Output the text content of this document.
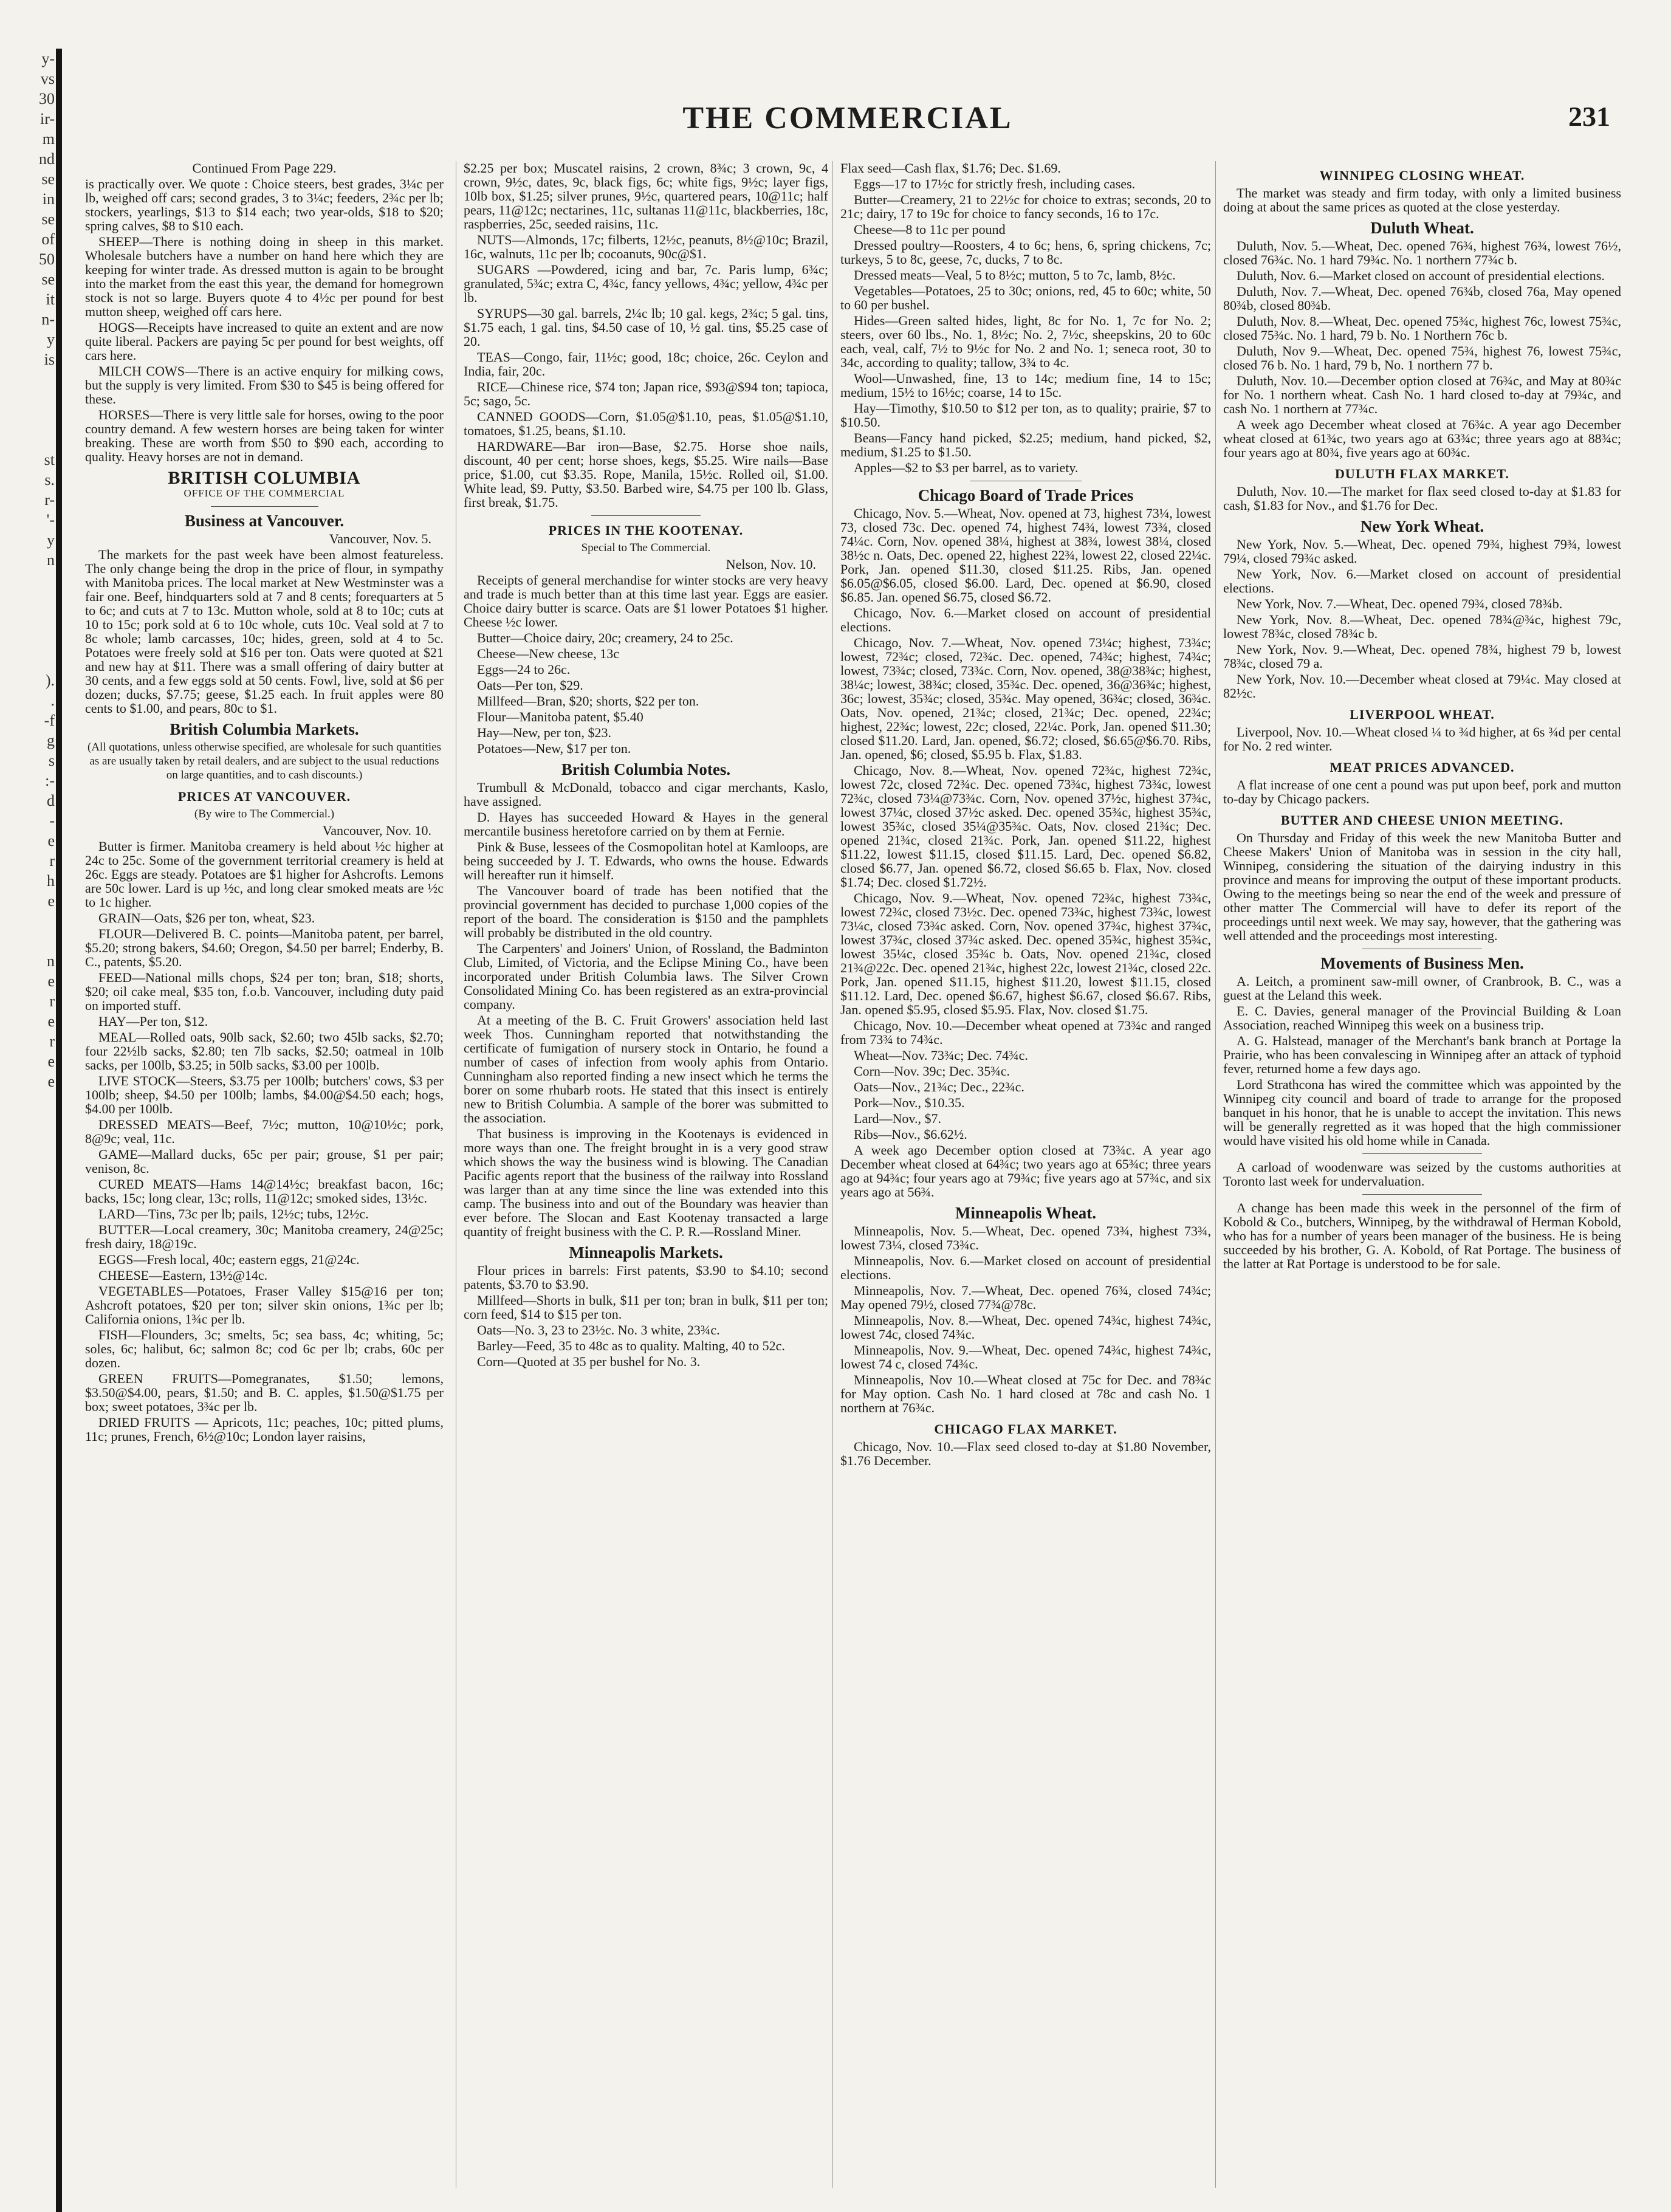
y-
vs
30
ir-
m
nd
se
in
se
of
50
se
it
n-
y
is

st
s.
r-
'-
y
n

).
.
-f
g
s
:-
d
-
e
r
h
e

n
e
r
e
r
e
e
THE COMMERCIAL	231

Continued From Page 229.

is practically over. We quote : Choice steers, best grades, 3¼c per lb, weighed off cars; second grades, 3 to 3¼c; feeders, 2¾c per lb; stockers, yearlings, $13 to $14 each; two year-olds, $18 to $20; spring calves, $8 to $10 each.

SHEEP—There is nothing doing in sheep in this market. Wholesale butchers have a number on hand here which they are keeping for winter trade. As dressed mutton is again to be brought into the market from the east this year, the demand for homegrown stock is not so large. Buyers quote 4 to 4½c per pound for best mutton sheep, weighed off cars here.

HOGS—Receipts have increased to quite an extent and are now quite liberal. Packers are paying 5c per pound for best weights, off cars here.

MILCH COWS—There is an active enquiry for milking cows, but the supply is very limited. From $30 to $45 is being offered for these.

HORSES—There is very little sale for horses, owing to the poor country demand. A few western horses are being taken for winter breaking. These are worth from $50 to $90 each, according to quality. Heavy horses are not in demand.

BRITISH COLUMBIA
OFFICE OF THE COMMERCIAL
Business at Vancouver.

Vancouver, Nov. 5.

The markets for the past week have been almost featureless. The only change being the drop in the price of flour, in sympathy with Manitoba prices. The local market at New Westminster was a fair one. Beef, hindquarters sold at 7 and 8 cents; forequarters at 5 to 6c; and cuts at 7 to 13c. Mutton whole, sold at 8 to 10c; cuts at 10 to 15c; pork sold at 6 to 10c whole, cuts 10c. Veal sold at 7 to 8c whole; lamb carcasses, 10c; hides, green, sold at 4 to 5c. Potatoes were freely sold at $16 per ton. Oats were quoted at $21 and new hay at $11. There was a small offering of dairy butter at 30 cents, and a few eggs sold at 50 cents. Fowl, live, sold at $6 per dozen; ducks, $7.75; geese, $1.25 each. In fruit apples were 80 cents to $1.00, and pears, 80c to $1.

British Columbia Markets.
(All quotations, unless otherwise specified, are wholesale for such quantities as are usually taken by retail dealers, and are subject to the usual reductions on large quantities, and to cash discounts.)
PRICES AT VANCOUVER.
(By wire to The Commercial.)

Vancouver, Nov. 10.

Butter is firmer. Manitoba creamery is held about ½c higher at 24c to 25c. Some of the government territorial creamery is held at 26c. Eggs are steady. Potatoes are $1 higher for Ashcrofts. Lemons are 50c lower. Lard is up ½c, and long clear smoked meats are ½c to 1c higher.

GRAIN—Oats, $26 per ton, wheat, $23.

FLOUR—Delivered B. C. points—Manitoba patent, per barrel, $5.20; strong bakers, $4.60; Oregon, $4.50 per barrel; Enderby, B. C., patents, $5.20.

FEED—National mills chops, $24 per ton; bran, $18; shorts, $20; oil cake meal, $35 ton, f.o.b. Vancouver, including duty paid on imported stuff.

HAY—Per ton, $12.

MEAL—Rolled oats, 90lb sack, $2.60; two 45lb sacks, $2.70; four 22½lb sacks, $2.80; ten 7lb sacks, $2.50; oatmeal in 10lb sacks, per 100lb, $3.25; in 50lb sacks, $3.00 per 100lb.

LIVE STOCK—Steers, $3.75 per 100lb; butchers' cows, $3 per 100lb; sheep, $4.50 per 100lb; lambs, $4.00@$4.50 each; hogs, $4.00 per 100lb.

DRESSED MEATS—Beef, 7½c; mutton, 10@10½c; pork, 8@9c; veal, 11c.

GAME—Mallard ducks, 65c per pair; grouse, $1 per pair; venison, 8c.

CURED MEATS—Hams 14@14½c; breakfast bacon, 16c; backs, 15c; long clear, 13c; rolls, 11@12c; smoked sides, 13½c.

LARD—Tins, 73c per lb; pails, 12½c; tubs, 12½c.

BUTTER—Local creamery, 30c; Manitoba creamery, 24@25c; fresh dairy, 18@19c.

EGGS—Fresh local, 40c; eastern eggs, 21@24c.

CHEESE—Eastern, 13½@14c.

VEGETABLES—Potatoes, Fraser Valley $15@16 per ton; Ashcroft potatoes, $20 per ton; silver skin onions, 1¾c per lb; California onions, 1¾c per lb.

FISH—Flounders, 3c; smelts, 5c; sea bass, 4c; whiting, 5c; soles, 6c; halibut, 6c; salmon 8c; cod 6c per lb; crabs, 60c per dozen.

GREEN FRUITS—Pomegranates, $1.50; lemons, $3.50@$4.00, pears, $1.50; and B. C. apples, $1.50@$1.75 per box; sweet potatoes, 3¾c per lb.

DRIED FRUITS — Apricots, 11c; peaches, 10c; pitted plums, 11c; prunes, French, 6½@10c; London layer raisins,

$2.25 per box; Muscatel raisins, 2 crown, 8¾c; 3 crown, 9c, 4 crown, 9½c, dates, 9c, black figs, 6c; white figs, 9½c; layer figs, 10lb box, $1.25; silver prunes, 9½c, quartered pears, 10@11c; half pears, 11@12c; nectarines, 11c, sultanas 11@11c, blackberries, 18c, raspberries, 25c, seeded raisins, 11c.

NUTS—Almonds, 17c; filberts, 12½c, peanuts, 8½@10c; Brazil, 16c, walnuts, 11c per lb; cocoanuts, 90c@$1.

SUGARS —Powdered, icing and bar, 7c. Paris lump, 6¾c; granulated, 5¾c; extra C, 4¾c, fancy yellows, 4¾c; yellow, 4¾c per lb.

SYRUPS—30 gal. barrels, 2¼c lb; 10 gal. kegs, 2¾c; 5 gal. tins, $1.75 each, 1 gal. tins, $4.50 case of 10, ½ gal. tins, $5.25 case of 20.

TEAS—Congo, fair, 11½c; good, 18c; choice, 26c. Ceylon and India, fair, 20c.

RICE—Chinese rice, $74 ton; Japan rice, $93@$94 ton; tapioca, 5c; sago, 5c.

CANNED GOODS—Corn, $1.05@$1.10, peas, $1.05@$1.10, tomatoes, $1.25, beans, $1.10.

HARDWARE—Bar iron—Base, $2.75. Horse shoe nails, discount, 40 per cent; horse shoes, kegs, $5.25. Wire nails—Base price, $1.00, cut $3.35. Rope, Manila, 15½c. Rolled oil, $1.00. White lead, $9. Putty, $3.50. Barbed wire, $4.75 per 100 lb. Glass, first break, $1.75.

PRICES IN THE KOOTENAY.
Special to The Commercial.

Nelson, Nov. 10.

Receipts of general merchandise for winter stocks are very heavy and trade is much better than at this time last year. Eggs are easier. Choice dairy butter is scarce. Oats are $1 lower Potatoes $1 higher. Cheese ½c lower.

Butter—Choice dairy, 20c; creamery, 24 to 25c.

Cheese—New cheese, 13c

Eggs—24 to 26c.

Oats—Per ton, $29.

Millfeed—Bran, $20; shorts, $22 per ton.

Flour—Manitoba patent, $5.40

Hay—New, per ton, $23.

Potatoes—New, $17 per ton.

British Columbia Notes.

Trumbull & McDonald, tobacco and cigar merchants, Kaslo, have assigned.

D. Hayes has succeeded Howard & Hayes in the general mercantile business heretofore carried on by them at Fernie.

Pink & Buse, lessees of the Cosmopolitan hotel at Kamloops, are being succeeded by J. T. Edwards, who owns the house. Edwards will hereafter run it himself.

The Vancouver board of trade has been notified that the provincial government has decided to purchase 1,000 copies of the report of the board. The consideration is $150 and the pamphlets will probably be distributed in the old country.

The Carpenters' and Joiners' Union, of Rossland, the Badminton Club, Limited, of Victoria, and the Eclipse Mining Co., have been incorporated under British Columbia laws. The Silver Crown Consolidated Mining Co. has been registered as an extra-provincial company.

At a meeting of the B. C. Fruit Growers' association held last week Thos. Cunningham reported that notwithstanding the certificate of fumigation of nursery stock in Ontario, he found a number of cases of infection from wooly aphis from Ontario. Cunningham also reported finding a new insect which he terms the borer on some rhubarb roots. He stated that this insect is entirely new to British Columbia. A sample of the borer was submitted to the association.

That business is improving in the Kootenays is evidenced in more ways than one. The freight brought in is a very good straw which shows the way the business wind is blowing. The Canadian Pacific agents report that the business of the railway into Rossland was larger than at any time since the line was extended into this camp. The business into and out of the Boundary was heavier than ever before. The Slocan and East Kootenay transacted a large quantity of freight business with the C. P. R.—Rossland Miner.

Minneapolis Markets.

Flour prices in barrels: First patents, $3.90 to $4.10; second patents, $3.70 to $3.90.

Millfeed—Shorts in bulk, $11 per ton; bran in bulk, $11 per ton; corn feed, $14 to $15 per ton.

Oats—No. 3, 23 to 23½c. No. 3 white, 23¾c.

Barley—Feed, 35 to 48c as to quality. Malting, 40 to 52c.

Corn—Quoted at 35 per bushel for No. 3.

Flax seed—Cash flax, $1.76; Dec. $1.69.

Eggs—17 to 17½c for strictly fresh, including cases.

Butter—Creamery, 21 to 22½c for choice to extras; seconds, 20 to 21c; dairy, 17 to 19c for choice to fancy seconds, 16 to 17c.

Cheese—8 to 11c per pound

Dressed poultry—Roosters, 4 to 6c; hens, 6, spring chickens, 7c; turkeys, 5 to 8c, geese, 7c, ducks, 7 to 8c.

Dressed meats—Veal, 5 to 8½c; mutton, 5 to 7c, lamb, 8½c.

Vegetables—Potatoes, 25 to 30c; onions, red, 45 to 60c; white, 50 to 60 per bushel.

Hides—Green salted hides, light, 8c for No. 1, 7c for No. 2; steers, over 60 lbs., No. 1, 8½c; No. 2, 7½c, sheepskins, 20 to 60c each, veal, calf, 7½ to 9½c for No. 2 and No. 1; seneca root, 30 to 34c, according to quality; tallow, 3¾ to 4c.

Wool—Unwashed, fine, 13 to 14c; medium fine, 14 to 15c; medium, 15½ to 16½c; coarse, 14 to 15c.

Hay—Timothy, $10.50 to $12 per ton, as to quality; prairie, $7 to $10.50.

Beans—Fancy hand picked, $2.25; medium, hand picked, $2, medium, $1.25 to $1.50.

Apples—$2 to $3 per barrel, as to variety.

Chicago Board of Trade Prices

Chicago, Nov. 5.—Wheat, Nov. opened at 73, highest 73¼, lowest 73, closed 73c. Dec. opened 74, highest 74¾, lowest 73¾, closed 74¼c. Corn, Nov. opened 38¼, highest at 38¾, lowest 38¼, closed 38½c n. Oats, Dec. opened 22, highest 22¾, lowest 22, closed 22¼c. Pork, Jan. opened $11.30, closed $11.25. Ribs, Jan. opened $6.05@$6.05, closed $6.00. Lard, Dec. opened at $6.90, closed $6.85. Jan. opened $6.75, closed $6.72.

Chicago, Nov. 6.—Market closed on account of presidential elections.

Chicago, Nov. 7.—Wheat, Nov. opened 73¼c; highest, 73¾c; lowest, 72¾c; closed, 72¾c. Dec. opened, 74¾c; highest, 74¾c; lowest, 73¾c; closed, 73¾c. Corn, Nov. opened, 38@38¾c; highest, 38¼c; lowest, 38¾c; closed, 35¾c. Dec. opened, 36@36¾c; highest, 36c; lowest, 35¾c; closed, 35¾c. May opened, 36¾c; closed, 36¾c. Oats, Nov. opened, 21¾c; closed, 21¾c; Dec. opened, 22¾c; highest, 22¾c; lowest, 22c; closed, 22¼c. Pork, Jan. opened $11.30; closed $11.20. Lard, Jan. opened, $6.72; closed, $6.65@$6.70. Ribs, Jan. opened, $6; closed, $5.95 b. Flax, $1.83.

Chicago, Nov. 8.—Wheat, Nov. opened 72¾c, highest 72¾c, lowest 72c, closed 72¾c. Dec. opened 73¾c, highest 73¾c, lowest 72¾c, closed 73¼@73¾c. Corn, Nov. opened 37½c, highest 37¾c, lowest 37¼c, closed 37½c asked. Dec. opened 35¾c, highest 35¾c, lowest 35¾c, closed 35¼@35¾c. Oats, Nov. closed 21¾c; Dec. opened 21¾c, closed 21¾c. Pork, Jan. opened $11.22, highest $11.22, lowest $11.15, closed $11.15. Lard, Dec. opened $6.82, closed $6.77, Jan. opened $6.72, closed $6.65 b. Flax, Nov. closed $1.74; Dec. closed $1.72½.

Chicago, Nov. 9.—Wheat, Nov. opened 72¾c, highest 73¾c, lowest 72¾c, closed 73½c. Dec. opened 73¾c, highest 73¾c, lowest 73¼c, closed 73¾c asked. Corn, Nov. opened 37¾c, highest 37¾c, lowest 37¾c, closed 37¾c asked. Dec. opened 35¾c, highest 35¾c, lowest 35¼c, closed 35¾c b. Oats, Nov. opened 21¾c, closed 21¾@22c. Dec. opened 21¾c, highest 22c, lowest 21¾c, closed 22c. Pork, Jan. opened $11.15, highest $11.20, lowest $11.15, closed $11.12. Lard, Dec. opened $6.67, highest $6.67, closed $6.67. Ribs, Jan. opened $5.95, closed $5.95. Flax, Nov. closed $1.75.

Chicago, Nov. 10.—December wheat opened at 73¾c and ranged from 73¾ to 74¾c.

Wheat—Nov. 73¾c; Dec. 74¾c.

Corn—Nov. 39c; Dec. 35¾c.

Oats—Nov., 21¾c; Dec., 22¾c.

Pork—Nov., $10.35.

Lard—Nov., $7.

Ribs—Nov., $6.62½.

A week ago December option closed at 73¾c. A year ago December wheat closed at 64¾c; two years ago at 65¾c; three years ago at 94¾c; four years ago at 79¾c; five years ago at 57¾c, and six years ago at 56¾.

Minneapolis Wheat.

Minneapolis, Nov. 5.—Wheat, Dec. opened 73¾, highest 73¾, lowest 73¼, closed 73¾c.

Minneapolis, Nov. 6.—Market closed on account of presidential elections.

Minneapolis, Nov. 7.—Wheat, Dec. opened 76¾, closed 74¾c; May opened 79½, closed 77¾@78c.

Minneapolis, Nov. 8.—Wheat, Dec. opened 74¾c, highest 74¾c, lowest 74c, closed 74¾c.

Minneapolis, Nov. 9.—Wheat, Dec. opened 74¾c, highest 74¾c, lowest 74 c, closed 74¾c.

Minneapolis, Nov 10.—Wheat closed at 75c for Dec. and 78¾c for May option. Cash No. 1 hard closed at 78c and cash No. 1 northern at 76¾c.

CHICAGO FLAX MARKET.

Chicago, Nov. 10.—Flax seed closed to-day at $1.80 November, $1.76 December.

WINNIPEG CLOSING WHEAT.

The market was steady and firm today, with only a limited business doing at about the same prices as quoted at the close yesterday.

Duluth Wheat.

Duluth, Nov. 5.—Wheat, Dec. opened 76¾, highest 76¾, lowest 76½, closed 76¾c. No. 1 hard 79¾c. No. 1 northern 77¾c b.

Duluth, Nov. 6.—Market closed on account of presidential elections.

Duluth, Nov. 7.—Wheat, Dec. opened 76¾b, closed 76a, May opened 80¾b, closed 80¾b.

Duluth, Nov. 8.—Wheat, Dec. opened 75¾c, highest 76c, lowest 75¾c, closed 75¾c. No. 1 hard, 79 b. No. 1 Northern 76c b.

Duluth, Nov 9.—Wheat, Dec. opened 75¾, highest 76, lowest 75¾c, closed 76 b. No. 1 hard, 79 b, No. 1 northern 77 b.

Duluth, Nov. 10.—December option closed at 76¾c, and May at 80¾c for No. 1 northern wheat. Cash No. 1 hard closed to-day at 79¾c, and cash No. 1 northern at 77¾c.

A week ago December wheat closed at 76¾c. A year ago December wheat closed at 61¾c, two years ago at 63¾c; three years ago at 88¾c; four years ago at 80¾, five years ago at 60¾c.

DULUTH FLAX MARKET.

Duluth, Nov. 10.—The market for flax seed closed to-day at $1.83 for cash, $1.83 for Nov., and $1.76 for Dec.

New York Wheat.

New York, Nov. 5.—Wheat, Dec. opened 79¾, highest 79¾, lowest 79¼, closed 79¾c asked.

New York, Nov. 6.—Market closed on account of presidential elections.

New York, Nov. 7.—Wheat, Dec. opened 79¾, closed 78¾b.

New York, Nov. 8.—Wheat, Dec. opened 78¾@¾c, highest 79c, lowest 78¾c, closed 78¾c b.

New York, Nov. 9.—Wheat, Dec. opened 78¾, highest 79 b, lowest 78¾c, closed 79 a.

New York, Nov. 10.—December wheat closed at 79¼c. May closed at 82½c.

LIVERPOOL WHEAT.

Liverpool, Nov. 10.—Wheat closed ¼ to ¾d higher, at 6s ¾d per cental for No. 2 red winter.

MEAT PRICES ADVANCED.

A flat increase of one cent a pound was put upon beef, pork and mutton to-day by Chicago packers.

BUTTER AND CHEESE UNION MEETING.

On Thursday and Friday of this week the new Manitoba Butter and Cheese Makers' Union of Manitoba was in session in the city hall, Winnipeg, considering the situation of the dairying industry in this province and means for improving the output of these important products. Owing to the meetings being so near the end of the week and pressure of other matter The Commercial will have to defer its report of the proceedings until next week. We may say, however, that the gathering was well attended and the proceedings most interesting.

Movements of Business Men.

A. Leitch, a prominent saw-mill owner, of Cranbrook, B. C., was a guest at the Leland this week.

E. C. Davies, general manager of the Provincial Building & Loan Association, reached Winnipeg this week on a business trip.

A. G. Halstead, manager of the Merchant's bank branch at Portage la Prairie, who has been convalescing in Winnipeg after an attack of typhoid fever, returned home a few days ago.

Lord Strathcona has wired the committee which was appointed by the Winnipeg city council and board of trade to arrange for the proposed banquet in his honor, that he is unable to accept the invitation. This news will be generally regretted as it was hoped that the high commissioner would have visited his old home while in Canada.

A carload of woodenware was seized by the customs authorities at Toronto last week for undervaluation.

A change has been made this week in the personnel of the firm of Kobold & Co., butchers, Winnipeg, by the withdrawal of Herman Kobold, who has for a number of years been manager of the business. He is being succeeded by his brother, G. A. Kobold, of Rat Portage. The business of the latter at Rat Portage is understood to be for sale.
